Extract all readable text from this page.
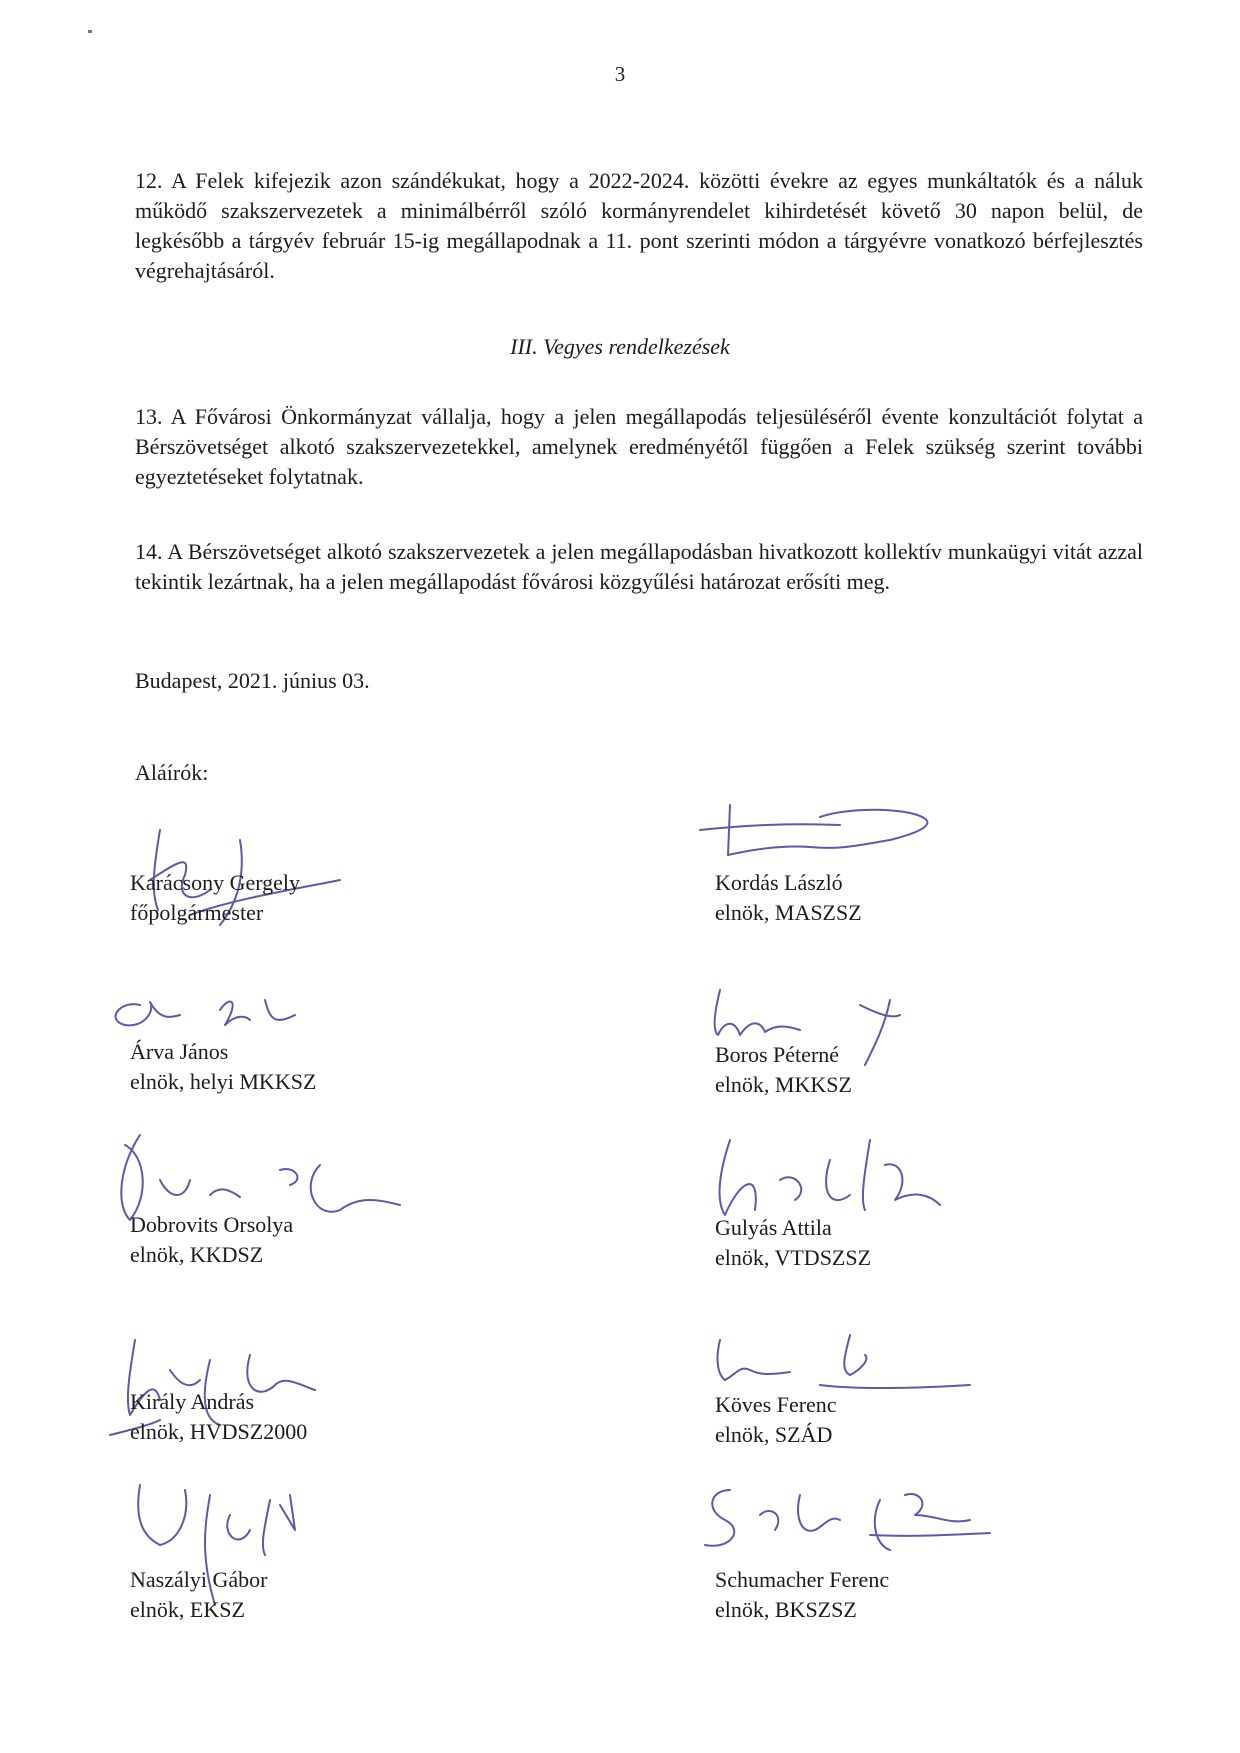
3

12. A Felek kifejezik azon szándékukat, hogy a 2022-2024. közötti évekre az egyes munkáltatók és a náluk működő szakszervezetek a minimálbérről szóló kormányrendelet kihirdetését követő 30 napon belül, de legkésőbb a tárgyév február 15-ig megállapodnak a 11. pont szerinti módon a tárgyévre vonatkozó bérfejlesztés végrehajtásáról.

III. Vegyes rendelkezések

13. A Fővárosi Önkormányzat vállalja, hogy a jelen megállapodás teljesüléséről évente konzultációt folytat a Bérszövetséget alkotó szakszervezetekkel, amelynek eredményétől függően a Felek szükség szerint további egyeztetéseket folytatnak.

14. A Bérszövetséget alkotó szakszervezetek a jelen megállapodásban hivatkozott kollektív munkaügyi vitát azzal tekintik lezártnak, ha a jelen megállapodást fővárosi közgyűlési határozat erősíti meg.

Budapest, 2021. június 03.
Aláírók:
Karácsony Gergely
főpolgármester
Kordás László
elnök, MASZSZ
Árva János
elnök, helyi MKKSZ
Boros Péterné
elnök, MKKSZ
Dobrovits Orsolya
elnök, KKDSZ
Gulyás Attila
elnök, VTDSZSZ
Király András
elnök, HVDSZ2000
Köves Ferenc
elnök, SZÁD
Naszályi Gábor
elnök, EKSZ
Schumacher Ferenc
elnök, BKSZSZ
